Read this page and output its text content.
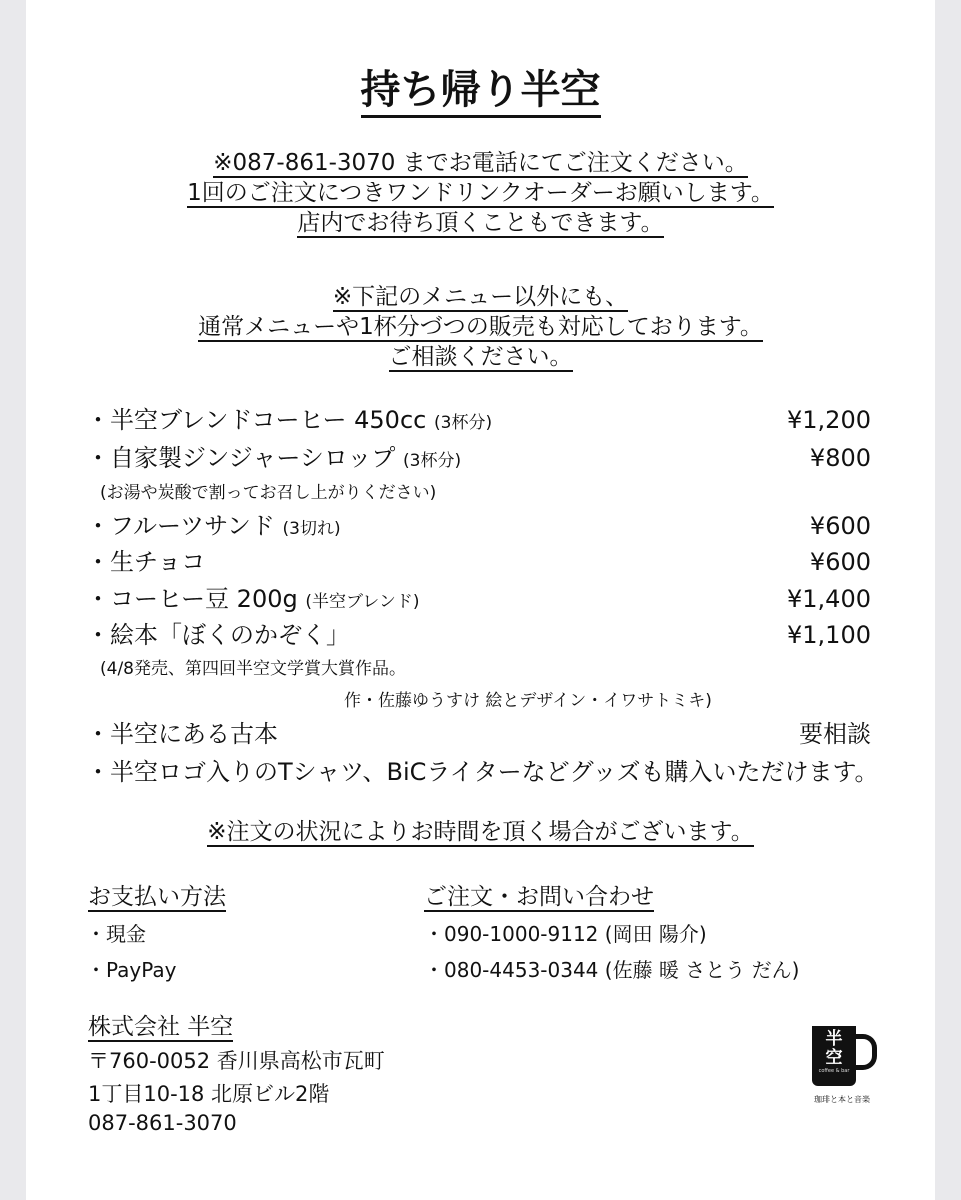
持ち帰り半空
※087-861-3070 までお電話にてご注文ください。
1回のご注文につきワンドリンクオーダーお願いします。
店内でお待ち頂くこともできます。
※下記のメニュー以外にも、
通常メニューや1杯分づつの販売も対応しております。
ご相談ください。
・半空ブレンドコーヒー 450cc (3杯分)	¥1,200
・自家製ジンジャーシロップ (3杯分)	¥800
(お湯や炭酸で割ってお召し上がりください)
・フルーツサンド (3切れ)	¥600
・生チョコ	¥600
・コーヒー豆 200g (半空ブレンド)	¥1,400
・絵本「ぼくのかぞく」	¥1,100
(4/8発売、第四回半空文学賞大賞作品。
作・佐藤ゆうすけ 絵とデザイン・イワサトミキ)
・半空にある古本	要相談
・半空ロゴ入りのTシャツ、BiCライターなどグッズも購入いただけます。
※注文の状況によりお時間を頂く場合がございます。
お支払い方法
・現金
・PayPay
ご注文・お問い合わせ
・090-1000-9112 (岡田 陽介)
・080-4453-0344 (佐藤 暖 さとう だん)
株式会社 半空
〒760-0052 香川県高松市瓦町
1丁目10-18 北原ビル2階
087-861-3070
半
空
coffee & bar
珈琲と本と音楽
